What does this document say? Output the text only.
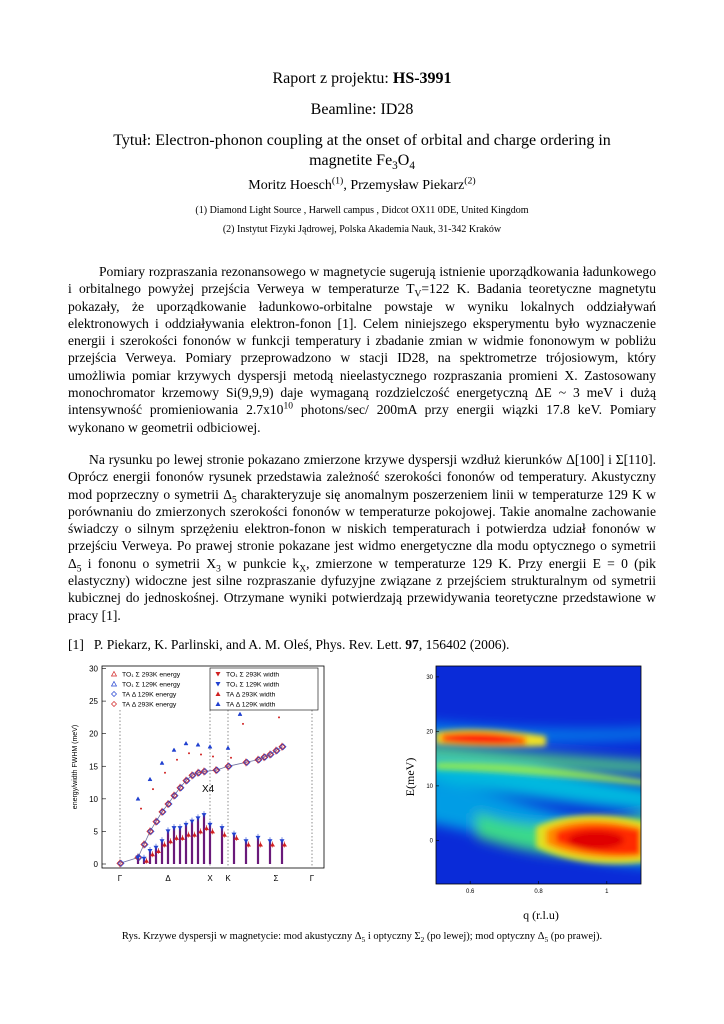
Raport z projektu: HS-3991
Beamline: ID28
Tytuł: Electron-phonon coupling at the onset of orbital and charge ordering in
magnetite $Fe_3O_4$
Moritz Hoesch$^{(1)}$, Przemysław Piekarz$^{(2)}$
(1) Diamond Light Source , Harwell campus , Didcot OX11 0DE, United Kingdom
(2) Instytut Fizyki Jądrowej, Polska Akademia Nauk, 31-342 Kraków
Pomiary rozpraszania rezonansowego w magnetycie sugerują istnienie uporządkowania ładunkowego i orbitalnego powyżej przejścia Verweya w temperaturze $T_V=122$ K. Badania teoretyczne magnetytu pokazały, że uporządkowanie ładunkowo-orbitalne powstaje w wyniku lokalnych oddziaływań elektronowych i oddziaływania elektron-fonon [1]. Celem niniejszego eksperymentu było wyznaczenie energii i szerokości fononów w funkcji temperatury i zbadanie zmian w widmie fononowym w pobliżu przejścia Verweya. Pomiary przeprowadzono w stacji ID28, na spektrometrze trójosiowym, który umożliwia pomiar krzywych dyspersji metodą nieelastycznego rozpraszania promieni X. Zastosowany monochromator krzemowy Si(9,9,9) daje wymaganą rozdzielczość energetyczną ΔE ~ 3 meV i dużą intensywność promieniowania $2.7x10^{10}$ photons/sec/ 200mA przy energii wiązki 17.8 keV. Pomiary wykonano w geometrii odbiciowej.
Na rysunku po lewej stronie pokazano zmierzone krzywe dyspersji wzdłuż kierunków Δ[100] i Σ[110]. Oprócz energii fononów rysunek przedstawia zależność szerokości fononów od temperatury. Akustyczny mod poprzeczny o symetrii $\Delta_5$ charakteryzuje się anomalnym poszerzeniem linii w temperaturze 129 K w porównaniu do zmierzonych szerokości fononów w temperaturze pokojowej. Takie anomalne zachowanie świadczy o silnym sprzężeniu elektron-fonon w niskich temperaturach i potwierdza udział fononów w przejściu Verweya. Po prawej stronie pokazane jest widmo energetyczne dla modu optycznego o symetrii $\Delta_5$ i fononu o symetrii $X_3$ w punkcie $k_X$, zmierzone w temperaturze 129 K. Przy energii E = 0 (pik elastyczny) widoczne jest silne rozpraszanie dyfuzyjne związane z przejściem strukturalnym od symetrii kubicznej do jednoskośnej. Otrzymane wyniki potwierdzają przewidywania teoretyczne przedstawione w pracy [1].
[1] P. Piekarz, K. Parlinski, and A. M. Oleś, Phys. Rev. Lett. 97, 156402 (2006).
energy/width FWHM (meV)
0
5
10
15
20
25
30
Γ	Δ	X K	Σ	Γ
X4
TO₁ Σ 293K energy
TO₁ Σ 129K energy
TA Δ 129K energy
TA Δ 293K energy
TO₁ Σ 293K width
TO₁ Σ 129K width
TA Δ 293K width
TA Δ 129K width
0
10
20
30
0.6	0.8	1
E(meV)
q (r.l.u)
Rys. Krzywe dyspersji w magnetycie: mod akustyczny $\Delta_5$ i optyczny $\Sigma_2$ (po lewej); mod optyczny $\Delta_5$ (po prawej).
